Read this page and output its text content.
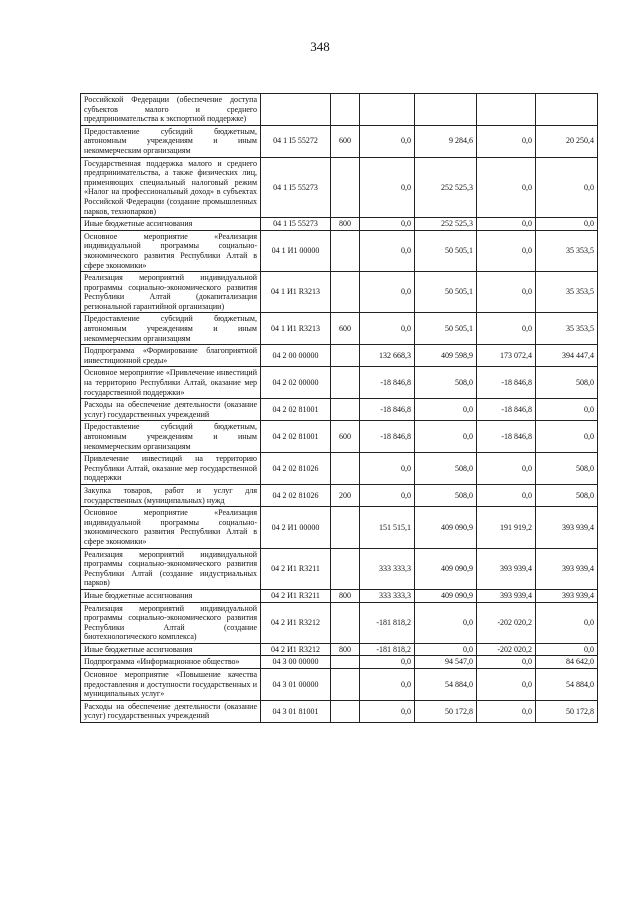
348
Российской Федерации (обеспечение доступа субъектов малого и среднего предпринимательства к экспортной поддержке)						
Предоставление субсидий бюджетным, автономным учреждениям и иным некоммерческим организациям	04 1 I5 55272	600	0,0	9 284,6	0,0	20 250,4
Государственная поддержка малого и среднего предпринимательства, а также физических лиц, применяющих специальный налоговый режим «Налог на профессиональный доход» в субъектах Российской Федерации (создание промышленных парков, технопарков)	04 1 I5 55273		0,0	252 525,3	0,0	0,0
Иные бюджетные ассигнования	04 1 I5 55273	800	0,0	252 525,3	0,0	0,0
Основное мероприятие «Реализация индивидуальной программы социально-экономического развития Республики Алтай в сфере экономики»	04 1 И1 00000		0,0	50 505,1	0,0	35 353,5
Реализация мероприятий индивидуальной программы социально-экономического развития Республики Алтай (докапитализация региональной гарантийной организации)	04 1 И1 R3213		0,0	50 505,1	0,0	35 353,5
Предоставление субсидий бюджетным, автономным учреждениям и иным некоммерческим организациям	04 1 И1 R3213	600	0,0	50 505,1	0,0	35 353,5
Подпрограмма «Формирование благоприятной инвестиционной среды»	04 2 00 00000		132 668,3	409 598,9	173 072,4	394 447,4
Основное мероприятие «Привлечение инвестиций на территорию Республики Алтай, оказание мер государственной поддержки»	04 2 02 00000		-18 846,8	508,0	-18 846,8	508,0
Расходы на обеспечение деятельности (оказание услуг) государственных учреждений	04 2 02 81001		-18 846,8	0,0	-18 846,8	0,0
Предоставление субсидий бюджетным, автономным учреждениям и иным некоммерческим организациям	04 2 02 81001	600	-18 846,8	0,0	-18 846,8	0,0
Привлечение инвестиций на территорию Республики Алтай, оказание мер государственной поддержки	04 2 02 81026		0,0	508,0	0,0	508,0
Закупка товаров, работ и услуг для государственных (муниципальных) нужд	04 2 02 81026	200	0,0	508,0	0,0	508,0
Основное мероприятие «Реализация индивидуальной программы социально-экономического развития Республики Алтай в сфере экономики»	04 2 И1 00000		151 515,1	409 090,9	191 919,2	393 939,4
Реализация мероприятий индивидуальной программы социально-экономического развития Республики Алтай (создание индустриальных парков)	04 2 И1 R3211		333 333,3	409 090,9	393 939,4	393 939,4
Иные бюджетные ассигнования	04 2 И1 R3211	800	333 333,3	409 090,9	393 939,4	393 939,4
Реализация мероприятий индивидуальной программы социально-экономического развития Республики Алтай (создание биотехнологического комплекса)	04 2 И1 R3212		-181 818,2	0,0	-202 020,2	0,0
Иные бюджетные ассигнования	04 2 И1 R3212	800	-181 818,2	0,0	-202 020,2	0,0
Подпрограмма «Информационное общество»	04 3 00 00000		0,0	94 547,0	0,0	84 642,0
Основное мероприятие «Повышение качества предоставления и доступности государственных и муниципальных услуг»	04 3 01 00000		0,0	54 884,0	0,0	54 884,0
Расходы на обеспечение деятельности (оказание услуг) государственных учреждений	04 3 01 81001		0,0	50 172,8	0,0	50 172,8
